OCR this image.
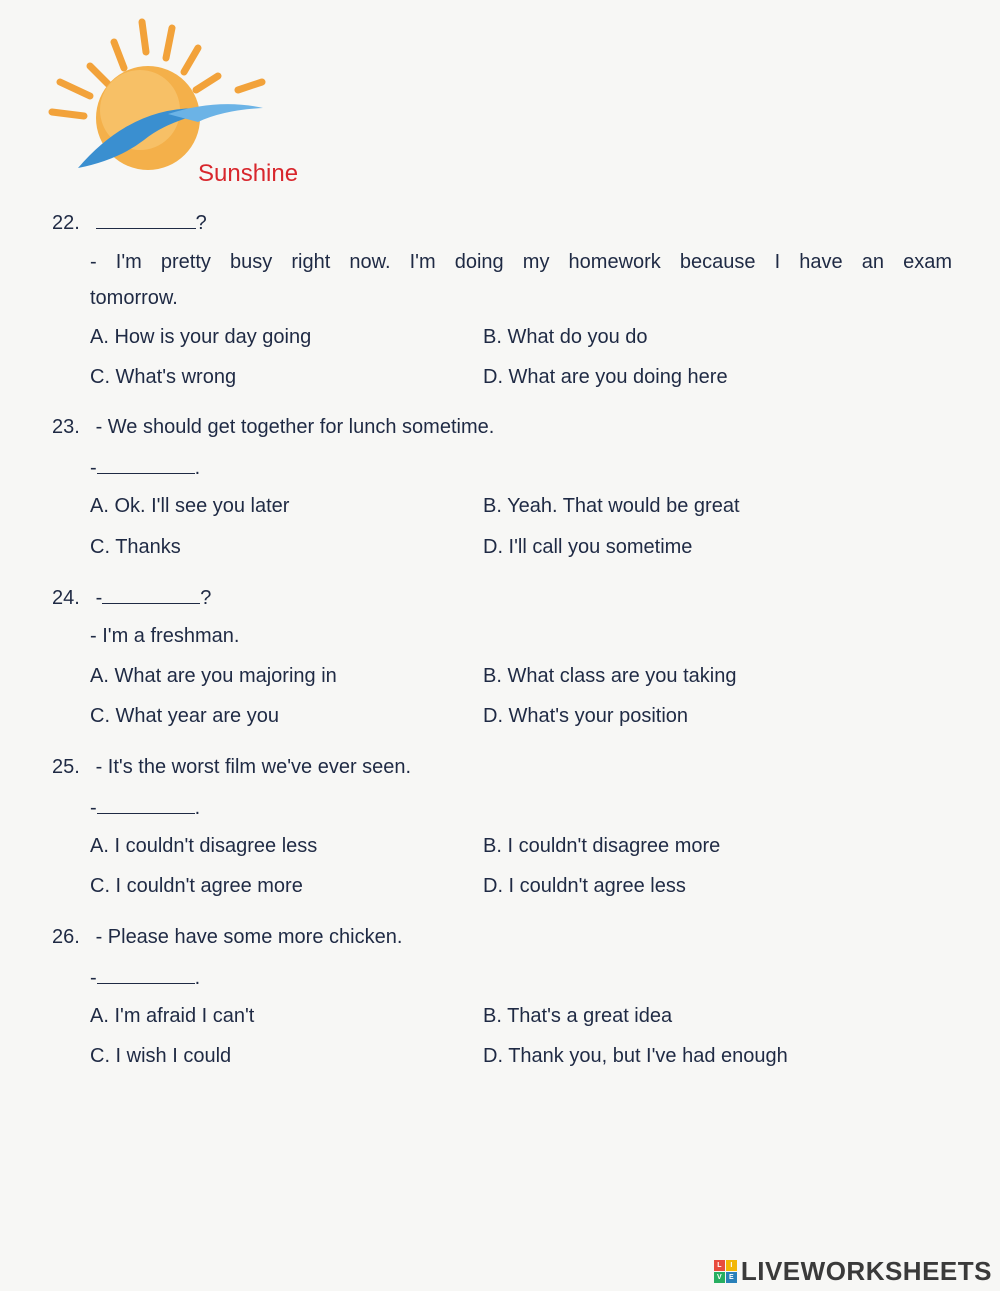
Sunshine
22.	?
- I'm pretty busy right now. I'm doing my homework because I have an exam
tomorrow.
A. How is your day going	B. What do you do
C. What's wrong	D. What are you doing here
23. - We should get together for lunch sometime.
-	.
A. Ok. I'll see you later	B. Yeah. That would be great
C. Thanks	D. I'll call you sometime
24. -	?
- I'm a freshman.
A. What are you majoring in	B. What class are you taking
C. What year are you	D. What's your position
25. - It's the worst film we've ever seen.
-	.
A. I couldn't disagree less	B. I couldn't disagree more
C. I couldn't agree more	D. I couldn't agree less
26. - Please have some more chicken.
-	.
A. I'm afraid I can't	B. That's a great idea
C. I wish I could	D. Thank you, but I've had enough
L	I
V	E LIVEWORKSHEETS
